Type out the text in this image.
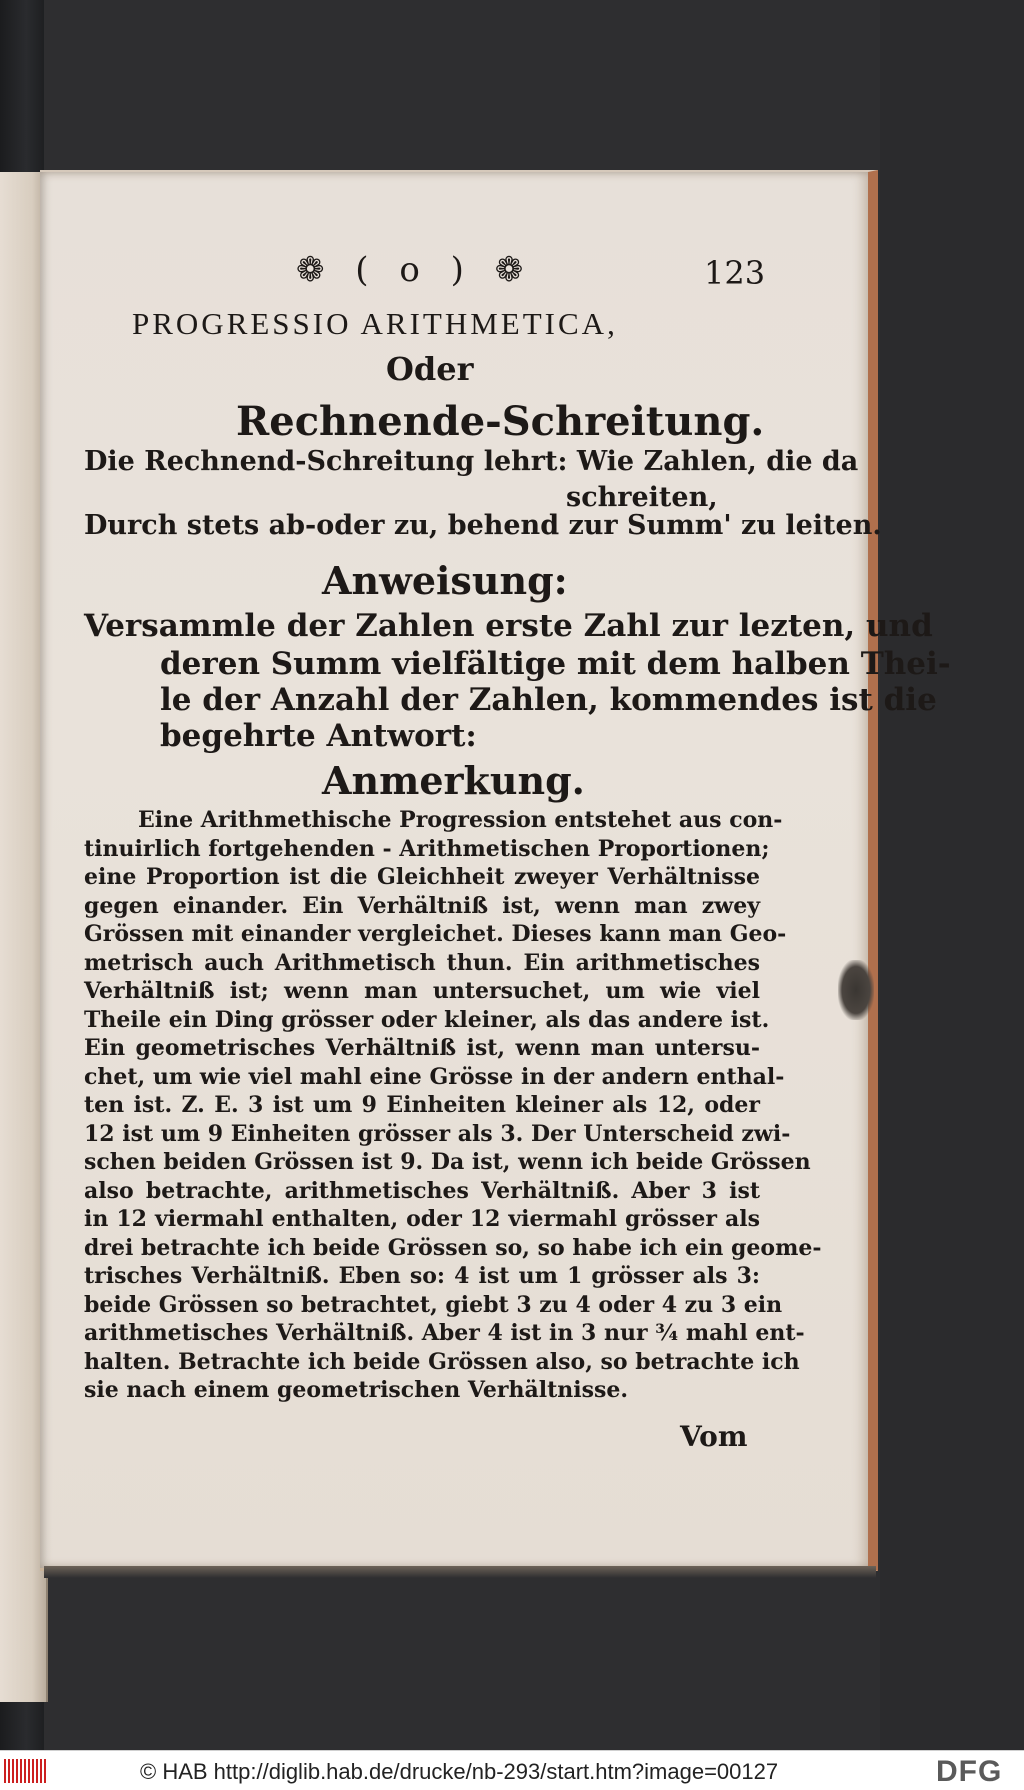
❁ ( o ) ❁	123
PROGRESSIO ARITHMETICA,
Oder
Rechnende-Schreitung.
Die Rechnend-Schreitung lehrt: Wie Zahlen, die da
schreiten,
Durch stets ab-oder zu, behend zur Summ' zu leiten.
Anweisung:
Versammle der Zahlen erste Zahl zur lezten, und
deren Summ vielfältige mit dem halben Thei-
le der Anzahl der Zahlen, kommendes ist die
begehrte Antwort:
Anmerkung.
Eine Arithmethische Progression entstehet aus con-
tinuirlich fortgehenden - Arithmetischen Proportionen;
eine Proportion ist die Gleichheit zweyer Verhältnisse
gegen einander. Ein Verhältniß ist, wenn man zwey
Grössen mit einander vergleichet. Dieses kann man Geo-
metrisch auch Arithmetisch thun. Ein arithmetisches
Verhältniß ist; wenn man untersuchet, um wie viel
Theile ein Ding grösser oder kleiner, als das andere ist.
Ein geometrisches Verhältniß ist, wenn man untersu-
chet, um wie viel mahl eine Grösse in der andern enthal-
ten ist. Z. E. 3 ist um 9 Einheiten kleiner als 12, oder
12 ist um 9 Einheiten grösser als 3. Der Unterscheid zwi-
schen beiden Grössen ist 9. Da ist, wenn ich beide Grössen
also betrachte, arithmetisches Verhältniß. Aber 3 ist
in 12 viermahl enthalten, oder 12 viermahl grösser als
drei betrachte ich beide Grössen so, so habe ich ein geome-
trisches Verhältniß. Eben so: 4 ist um 1 grösser als 3:
beide Grössen so betrachtet, giebt 3 zu 4 oder 4 zu 3 ein
arithmetisches Verhältniß. Aber 4 ist in 3 nur ¾ mahl ent-
halten. Betrachte ich beide Grössen also, so betrachte ich
sie nach einem geometrischen Verhältnisse.
Vom
© HAB http://diglib.hab.de/drucke/nb-293/start.htm?image=00127	DFG
